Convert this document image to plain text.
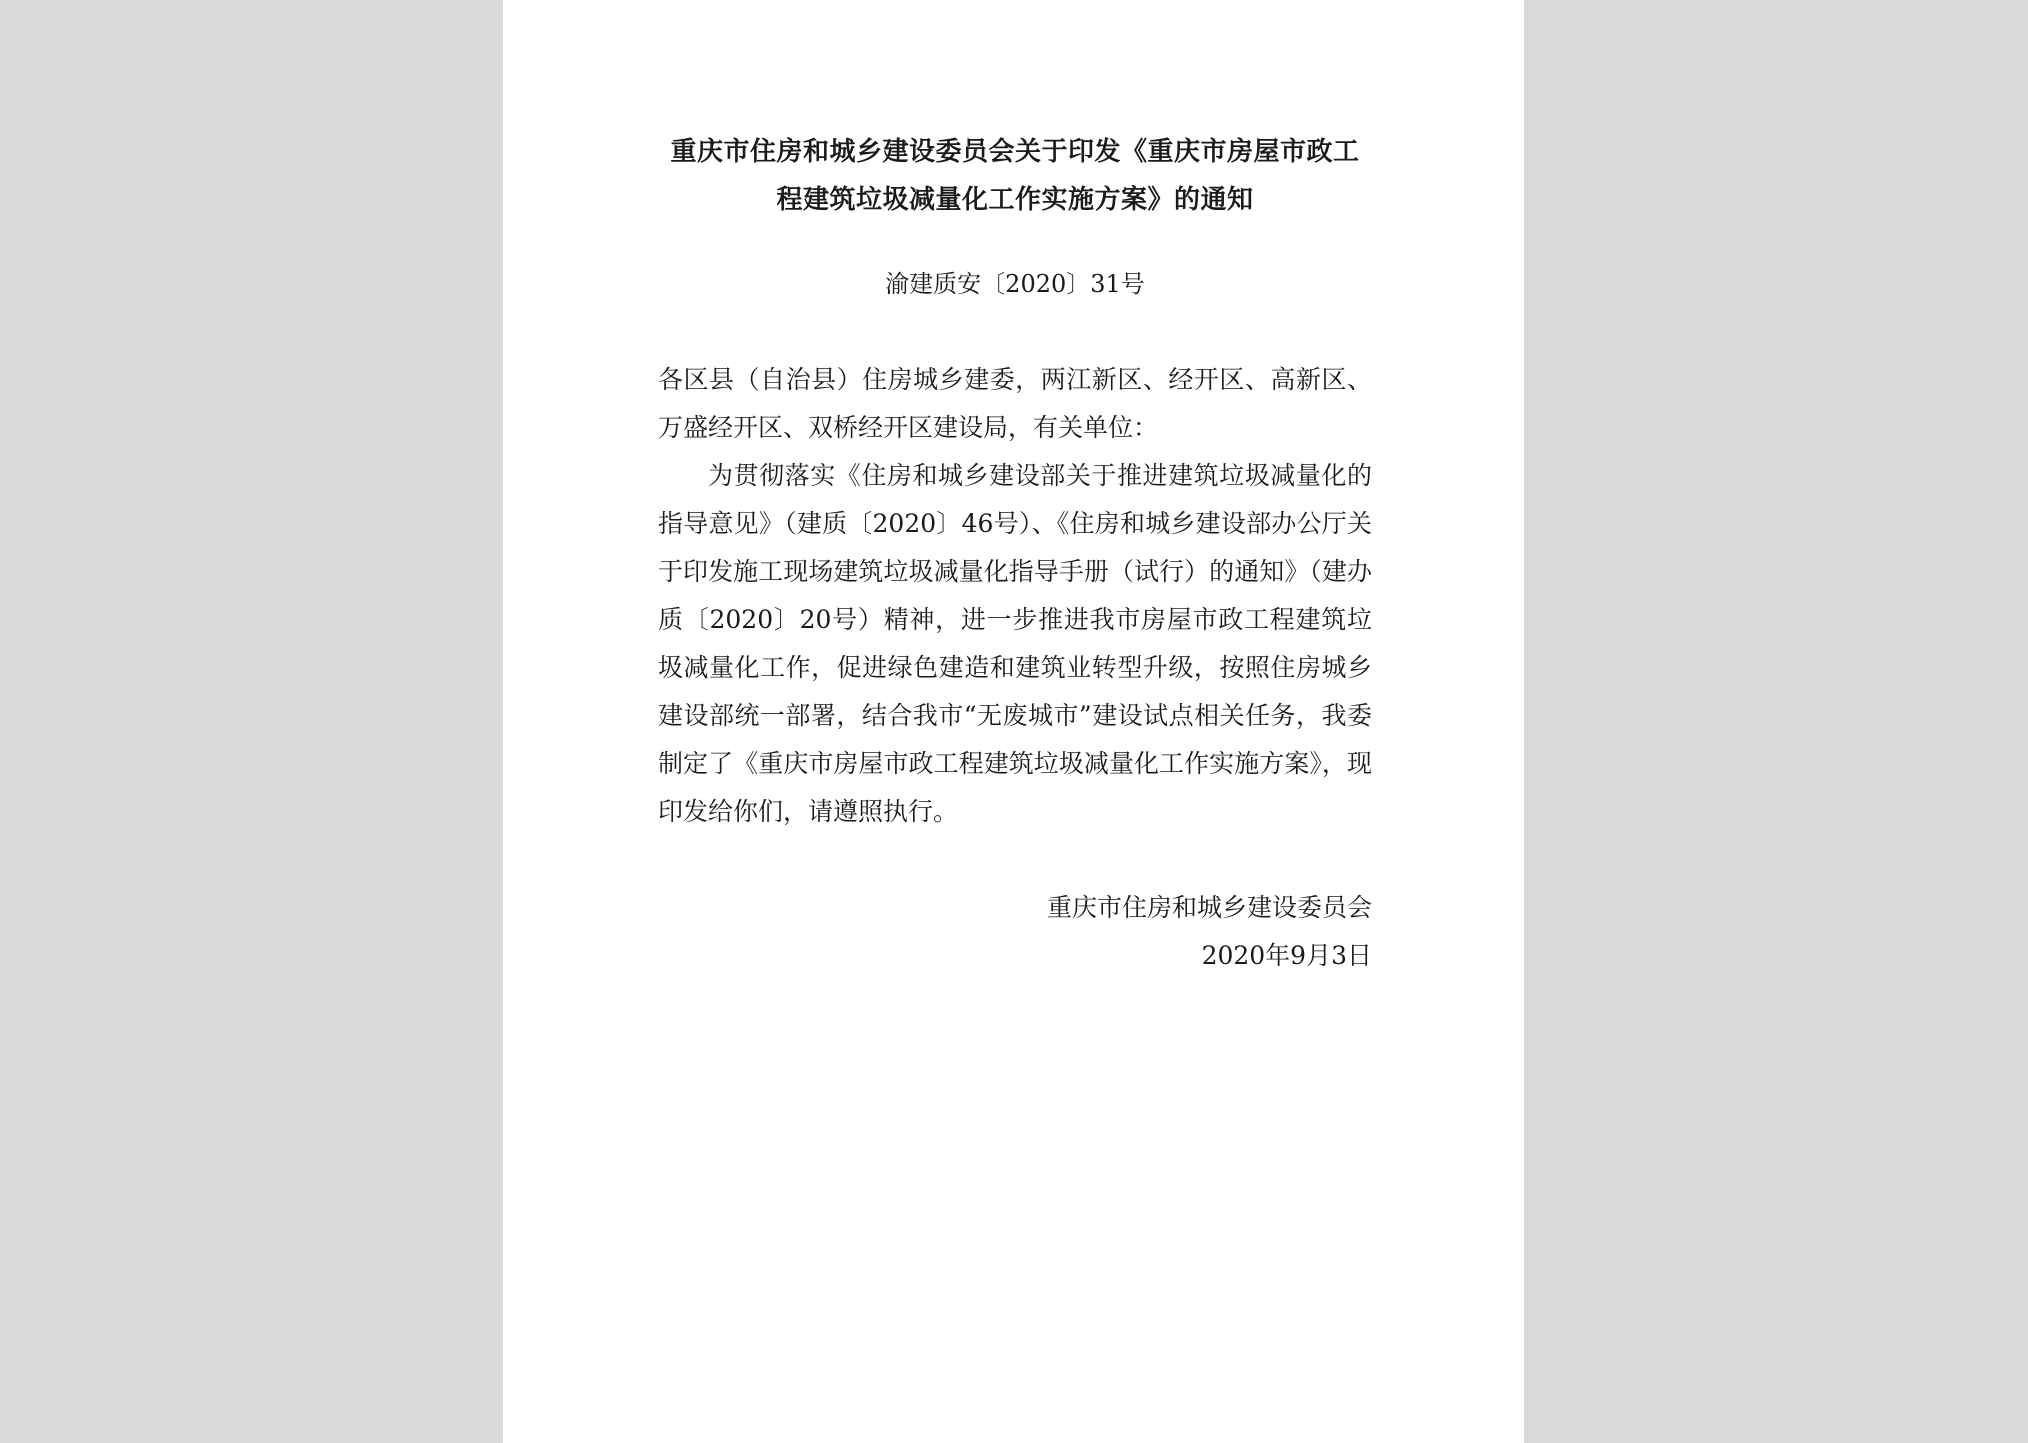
重庆市住房和城乡建设委员会关于印发《重庆市房屋市政工
程建筑垃圾减量化工作实施方案》的通知
渝建质安〔2020〕31号

各区县（自治县）住房城乡建委，两江新区、经开区、高新区、万盛经开区、双桥经开区建设局，有关单位：

为贯彻落实《住房和城乡建设部关于推进建筑垃圾减量化的指导意见》（建质〔2020〕46号）、《住房和城乡建设部办公厅关于印发施工现场建筑垃圾减量化指导手册（试行）的通知》（建办质〔2020〕20号）精神，进一步推进我市房屋市政工程建筑垃圾减量化工作，促进绿色建造和建筑业转型升级，按照住房城乡建设部统一部署，结合我市“无废城市”建设试点相关任务，我委制定了《重庆市房屋市政工程建筑垃圾减量化工作实施方案》，现印发给你们，请遵照执行。

重庆市住房和城乡建设委员会
2020年9月3日
